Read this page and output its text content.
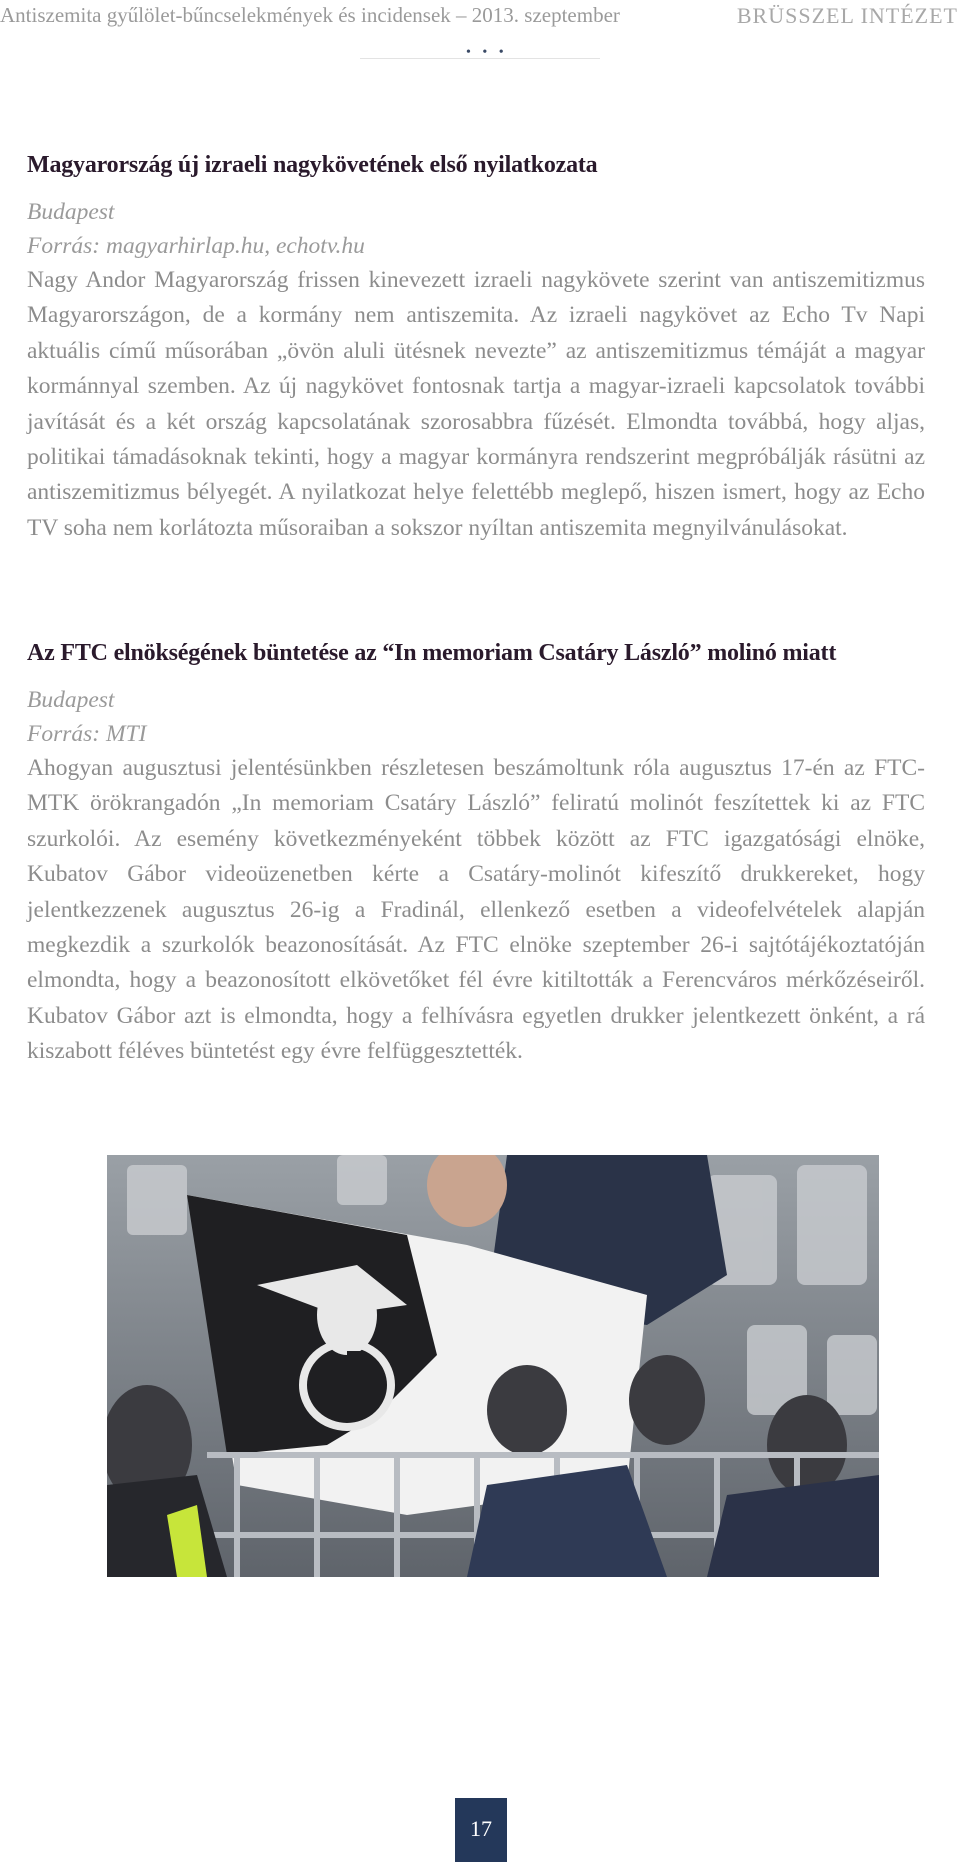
Antiszemita gyűlölet-bűncselekmények és incidensek – 2013. szeptember	BRÜSSZEL INTÉZET
• • •
Magyarország új izraeli nagykövetének első nyilatkozata
Budapest
Forrás: magyarhirlap.hu, echotv.hu

Nagy Andor Magyarország frissen kinevezett izraeli nagykövete szerint van antiszemitizmus Magyarországon, de a kormány nem antiszemita. Az izraeli nagykövet az Echo Tv Napi aktuális című műsorában „övön aluli ütésnek nevezte” az antiszemitizmus témáját a magyar kormánnyal szemben. Az új nagykövet fontosnak tartja a magyar-izraeli kapcsolatok további javítását és a két ország kapcsolatának szorosabbra fűzését. Elmondta továbbá, hogy aljas, politikai támadásoknak tekinti, hogy a magyar kormányra rendszerint megpróbálják rásütni az antiszemitizmus bélyegét. A nyilatkozat helye felettébb meglepő, hiszen ismert, hogy az Echo TV soha nem korlátozta műsoraiban a sokszor nyíltan antiszemita megnyilvánulásokat.

Az FTC elnökségének büntetése az “In memoriam Csatáry László” molinó miatt
Budapest
Forrás: MTI

Ahogyan augusztusi jelentésünkben részletesen beszámoltunk róla augusztus 17-én az FTC-MTK örökrangadón „In memoriam Csatáry László” feliratú molinót feszítettek ki az FTC szurkolói. Az esemény következményeként többek között az FTC igazgatósági elnöke, Kubatov Gábor videoüzenetben kérte a Csatáry-molinót kifeszítő drukkereket, hogy jelentkezzenek augusztus 26-ig a Fradinál, ellenkező esetben a videofelvételek alapján megkezdik a szurkolók beazonosítását. Az FTC elnöke szeptember 26-i sajtótájékoztatóján elmondta, hogy a beazonosított elkövetőket fél évre kitiltották a Ferencváros mérkőzéseiről. Kubatov Gábor azt is elmondta, hogy a felhívásra egyetlen drukker jelentkezett önként, a rá kiszabott féléves büntetést egy évre felfüggesztették.

17
